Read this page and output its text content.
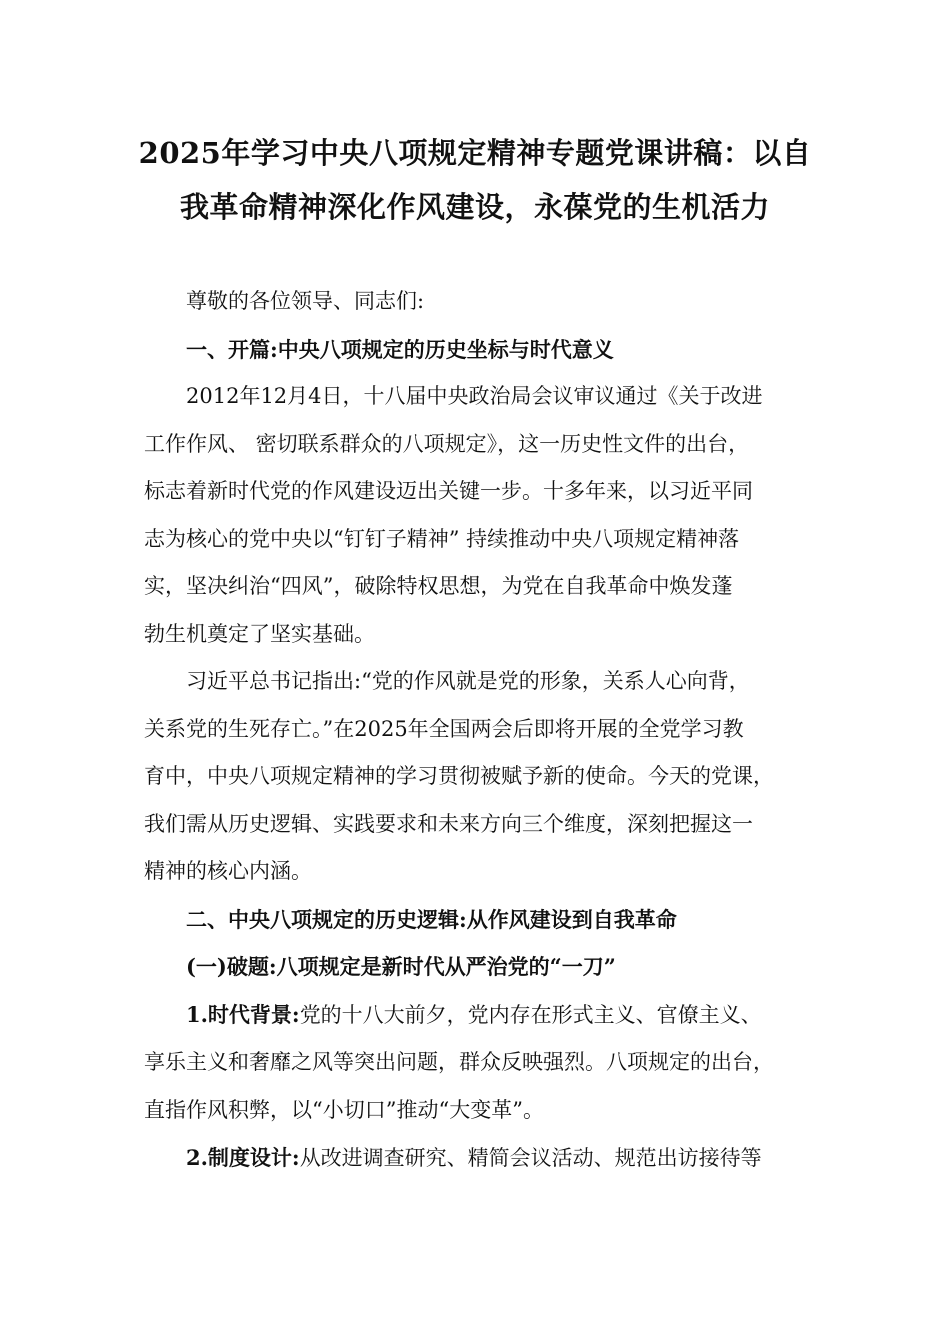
2025年学习中央八项规定精神专题党课讲稿：以自
我革命精神深化作风建设，永葆党的生机活力

尊敬的各位领导、同志们:

一、开篇:中央八项规定的历史坐标与时代意义

2012年12月4日，十八届中央政治局会议审议通过《关于改进
工作作风、 密切联系群众的八项规定》，这一历史性文件的出台，
标志着新时代党的作风建设迈出关键一步。十多年来，以习近平同
志为核心的党中央以“钉钉子精神” 持续推动中央八项规定精神落
实，坚决纠治“四风”，破除特权思想，为党在自我革命中焕发蓬
勃生机奠定了坚实基础。
习近平总书记指出:“党的作风就是党的形象，关系人心向背，
关系党的生死存亡。”在2025年全国两会后即将开展的全党学习教
育中，中央八项规定精神的学习贯彻被赋予新的使命。今天的党课，
我们需从历史逻辑、实践要求和未来方向三个维度，深刻把握这一
精神的核心内涵。

二、中央八项规定的历史逻辑:从作风建设到自我革命

(一)破题:八项规定是新时代从严治党的“一刀”

1.时代背景:党的十八大前夕，党内存在形式主义、官僚主义、
享乐主义和奢靡之风等突出问题，群众反映强烈。八项规定的出台，
直指作风积弊，以“小切口”推动“大变革”。
2.制度设计:从改进调查研究、精简会议活动、规范出访接待等
